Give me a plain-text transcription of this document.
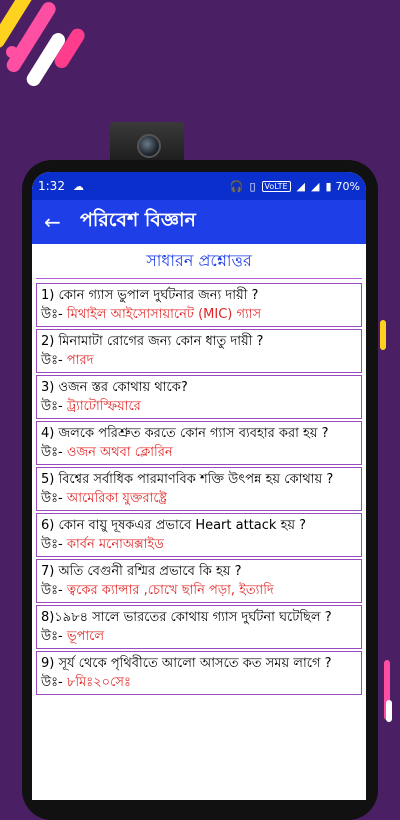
1:32 ☁	🎧 ▯	VoLTE ◢ ◢ ▮ 70%
←	পরিবেশ বিজ্ঞান
সাধারন প্রশ্নোত্তর
1) কোন গ্যাস ভুপাল দুর্ঘটনার জন্য দায়ী ?
উঃ- মিথাইল আইসোসায়ানেট (MIC) গ্যাস
2) মিনামাটা রোগের জন্য কোন ধাতু দায়ী ?
উঃ- পারদ
3) ওজন স্তর কোথায় থাকে?
উঃ- ট্র্যাটোস্ফিয়ারে
4) জলকে পরিশ্রুত করতে কোন গ্যাস ব্যবহার করা হয় ?
উঃ- ওজন অথবা ক্লোরিন
5) বিশ্বের সর্বাধিক পারমাণবিক শক্তি উৎপন্ন হয় কোথায় ?
উঃ- আমেরিকা যুক্তরাষ্ট্রে
6) কোন বায়ু দূষকএর প্রভাবে Heart attack হয় ?
উঃ- কার্বন মনোঅক্সাইড
7) অতি বেগুনী রশ্মির প্রভাবে কি হয় ?
উঃ- ত্বকের ক্যান্সার ,চোখে ছানি পড়া, ইত্যাদি
8)১৯৮৪ সালে ভারতের কোথায় গ্যাস দুর্ঘটনা ঘটেছিল ?
উঃ- ভূপালে
9) সূর্য থেকে পৃথিবীতে আলো আসতে কত সময় লাগে ?
উঃ- ৮মিঃ২০সেঃ
